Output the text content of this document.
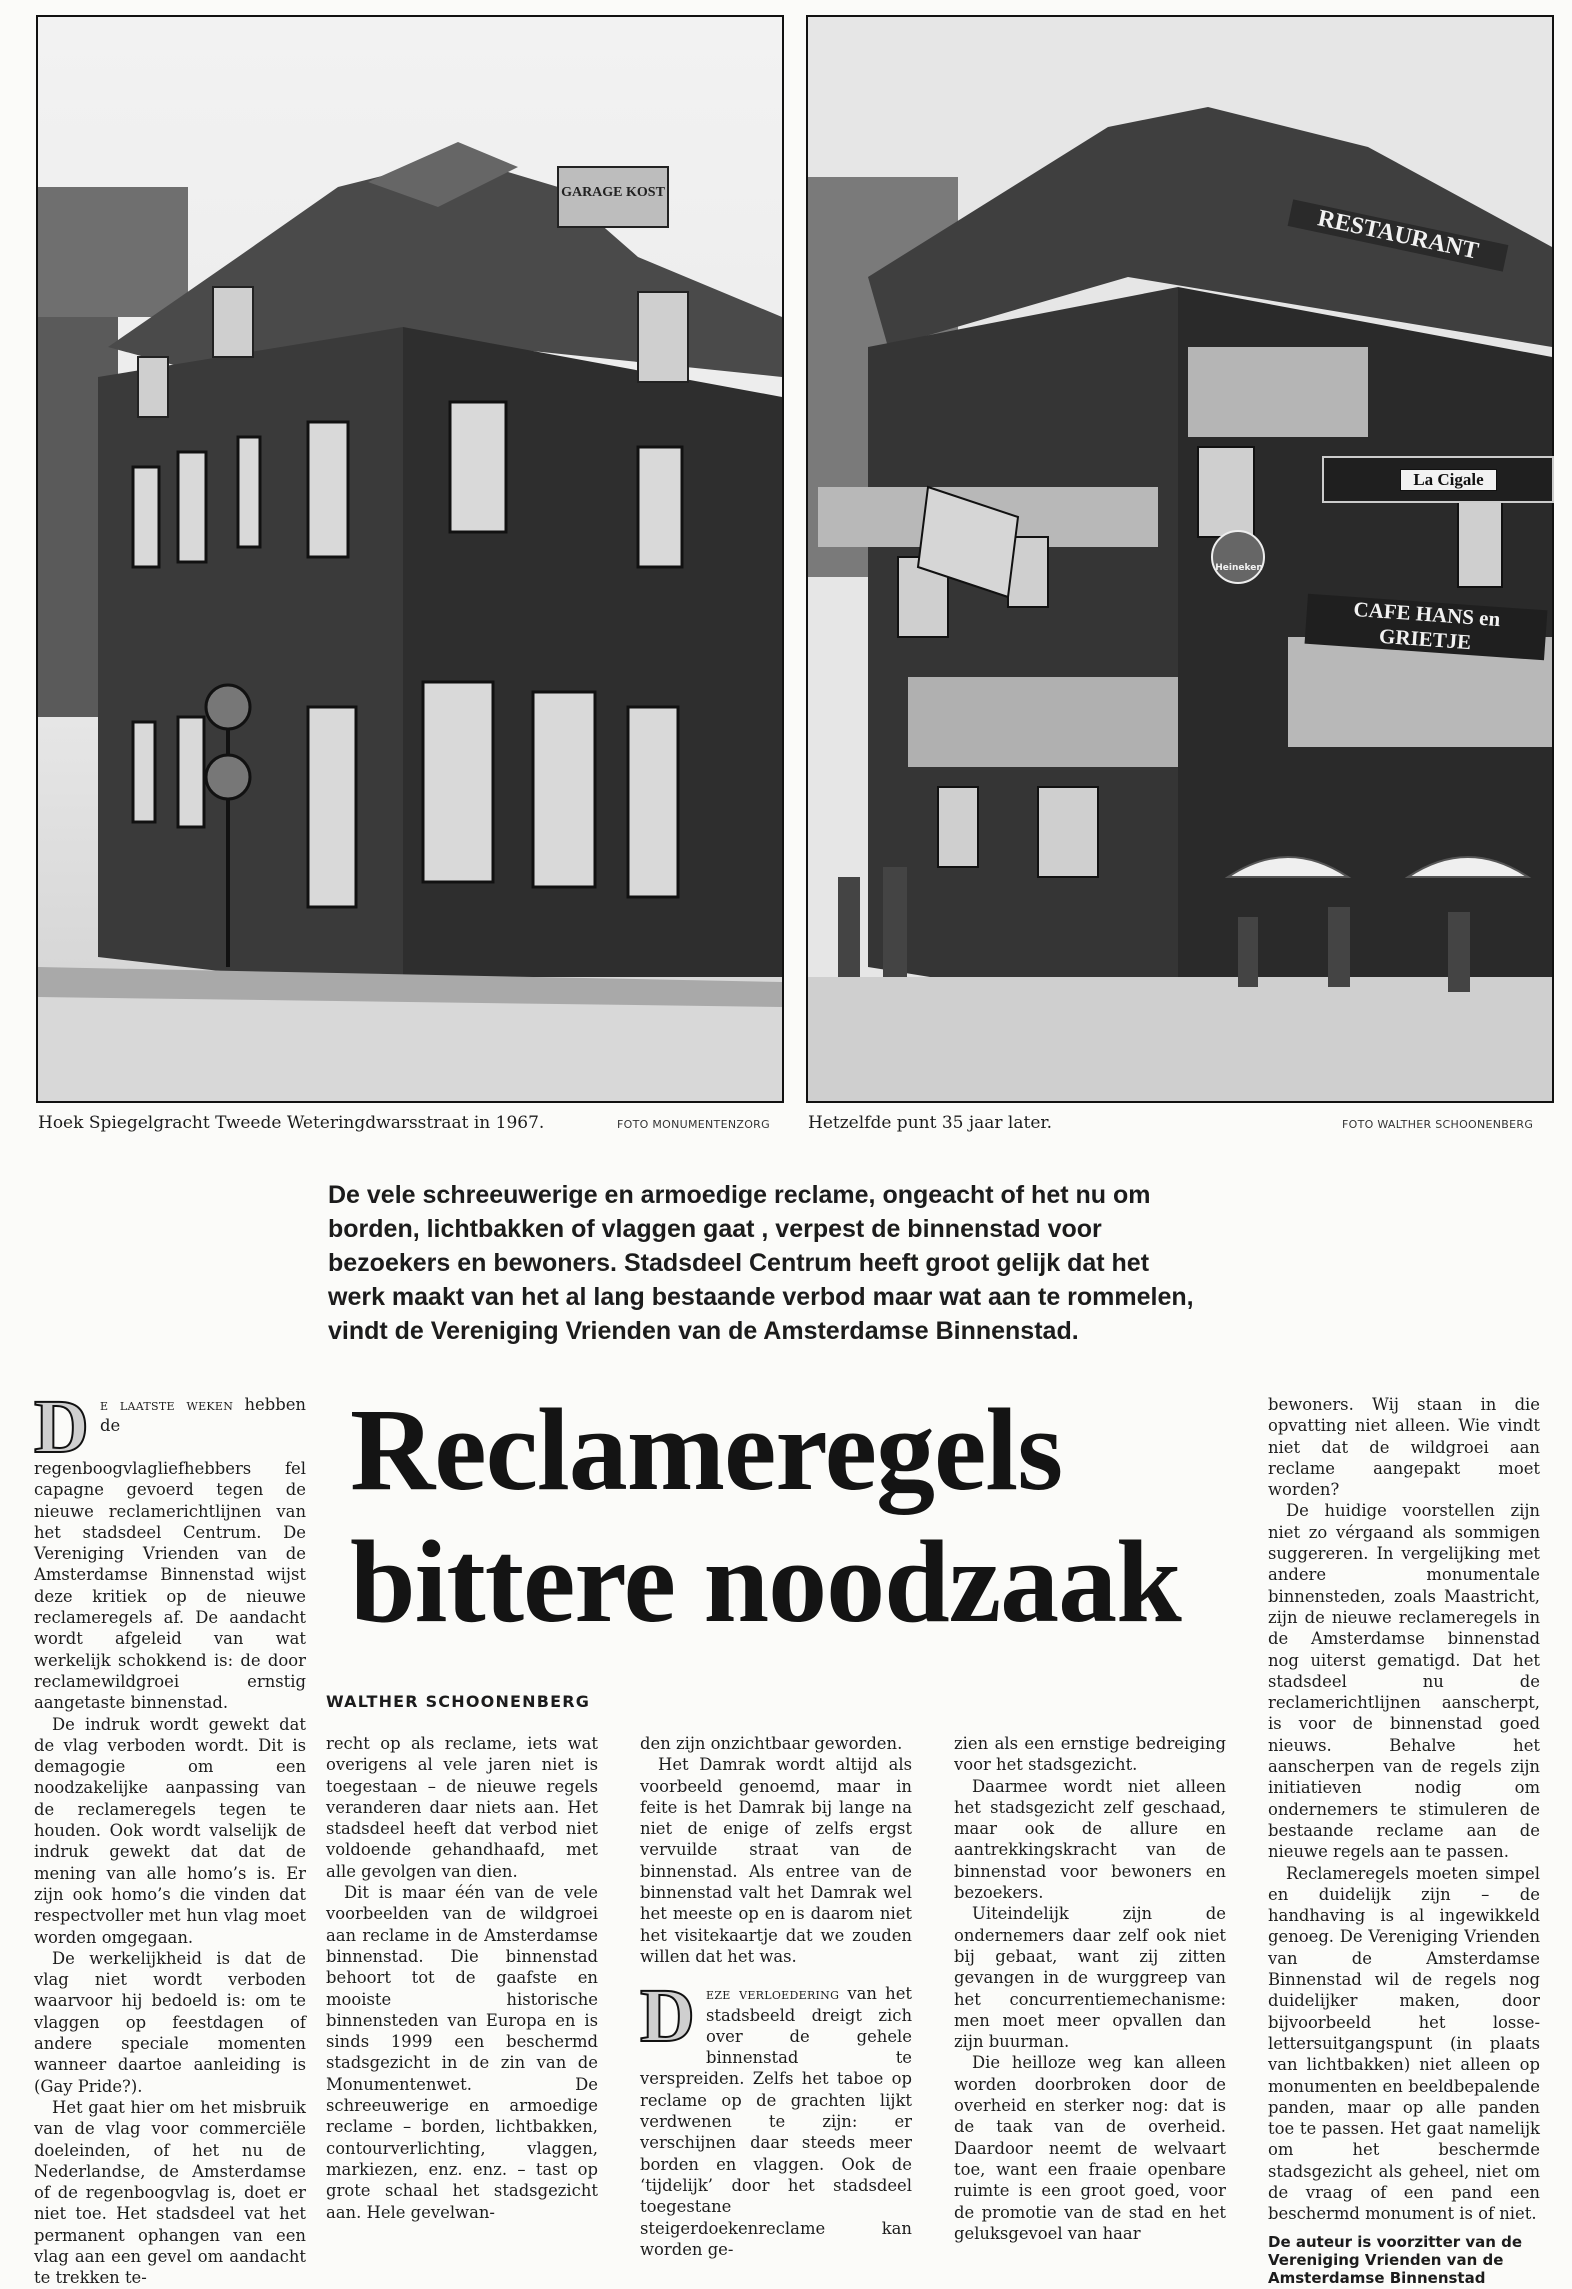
GARAGE KOST
RESTAURANT
La Cigale
CAFE HANS en GRIETJE
Heineken
Hoek Spiegelgracht Tweede Weteringdwarsstraat in 1967.	FOTO MONUMENTENZORG Hetzelfde punt 35 jaar later.	FOTO WALTHER SCHOONENBERG

De vele schreeuwerige en armoedige reclame, ongeacht of het nu om
borden, lichtbakken of vlaggen gaat , verpest de binnenstad voor
bezoekers en bewoners. Stadsdeel Centrum heeft groot gelijk dat het
werk maakt van het al lang bestaande verbod maar wat aan te rommelen,
vindt de Vereniging Vrienden van de Amsterdamse Binnenstad.

Reclameregels
bittere noodzaak
WALTHER SCHOONENBERG

De laatste weken hebben de regenboogvlagliefhebbers fel capagne gevoerd tegen de nieuwe reclamerichtlijnen van het stadsdeel Centrum. De Vereniging Vrienden van de Amsterdamse Binnenstad wijst deze kritiek op de nieuwe reclameregels af. De aandacht wordt afgeleid van wat werkelijk schokkend is: de door reclamewildgroei ernstig aangetaste binnenstad.

De indruk wordt gewekt dat de vlag verboden wordt. Dit is demagogie om een noodzakelijke aanpassing van de reclameregels tegen te houden. Ook wordt valselijk de indruk gewekt dat dat de mening van alle homo’s is. Er zijn ook homo’s die vinden dat respectvoller met hun vlag moet worden omgegaan.

De werkelijkheid is dat de vlag niet wordt verboden waarvoor hij bedoeld is: om te vlaggen op feestdagen of andere speciale momenten wanneer daartoe aanleiding is (Gay Pride?).

Het gaat hier om het misbruik van de vlag voor commerciële doeleinden, of het nu de Nederlandse, de Amsterdamse of de regenboogvlag is, doet er niet toe. Het stadsdeel vat het permanent ophangen van een vlag aan een gevel om aandacht te trekken te-

recht op als reclame, iets wat overigens al vele jaren niet is toegestaan – de nieuwe regels veranderen daar niets aan. Het stadsdeel heeft dat verbod niet voldoende gehandhaafd, met alle gevolgen van dien.

Dit is maar één van de vele voorbeelden van de wildgroei aan reclame in de Amsterdamse binnenstad. Die binnenstad behoort tot de gaafste en mooiste historische binnensteden van Europa en is sinds 1999 een beschermd stadsgezicht in de zin van de Monumentenwet. De schreeuwerige en armoedige reclame – borden, lichtbakken, contourverlichting, vlaggen, markiezen, enz. enz. – tast op grote schaal het stadsgezicht aan. Hele gevelwan-

den zijn onzichtbaar geworden.

Het Damrak wordt altijd als voorbeeld genoemd, maar in feite is het Damrak bij lange na niet de enige of zelfs ergst vervuilde straat van de binnenstad. Als entree van de binnenstad valt het Damrak wel het meeste op en is daarom niet het visitekaartje dat we zouden willen dat het was.

Deze verloedering van het stadsbeeld dreigt zich over de gehele binnenstad te verspreiden. Zelfs het taboe op reclame op de grachten lijkt verdwenen te zijn: er verschijnen daar steeds meer borden en vlaggen. Ook de ‘tijdelijk’ door het stadsdeel toegestane steigerdoekenreclame kan worden ge-

zien als een ernstige bedreiging voor het stadsgezicht.

Daarmee wordt niet alleen het stadsgezicht zelf geschaad, maar ook de allure en aantrekkingskracht van de binnenstad voor bewoners en bezoekers.

Uiteindelijk zijn de ondernemers daar zelf ook niet bij gebaat, want zij zitten gevangen in de wurggreep van het concurrentiemechanisme: men moet meer opvallen dan zijn buurman.

Die heilloze weg kan alleen worden doorbroken door de overheid en sterker nog: dat is de taak van de overheid. Daardoor neemt de welvaart toe, want een fraaie openbare ruimte is een groot goed, voor de promotie van de stad en het geluksgevoel van haar

bewoners. Wij staan in die opvatting niet alleen. Wie vindt niet dat de wildgroei aan reclame aangepakt moet worden?

De huidige voorstellen zijn niet zo vérgaand als sommigen suggereren. In vergelijking met andere monumentale binnensteden, zoals Maastricht, zijn de nieuwe reclameregels in de Amsterdamse binnenstad nog uiterst gematigd. Dat het stadsdeel nu de reclamerichtlijnen aanscherpt, is voor de binnenstad goed nieuws. Behalve het aanscherpen van de regels zijn initiatieven nodig om ondernemers te stimuleren de bestaande reclame aan de nieuwe regels aan te passen.

Reclameregels moeten simpel en duidelijk zijn – de handhaving is al ingewikkeld genoeg. De Vereniging Vrienden van de Amsterdamse Binnenstad wil de regels nog duidelijker maken, door bijvoorbeeld het losse-lettersuitgangspunt (in plaats van lichtbakken) niet alleen op monumenten en beeldbepalende panden, maar op alle panden toe te passen. Het gaat namelijk om het beschermde stadsgezicht als geheel, niet om de vraag of een pand een beschermd monument is of niet.

De auteur is voorzitter van de Vereniging Vrienden van de Amsterdamse Binnenstad
